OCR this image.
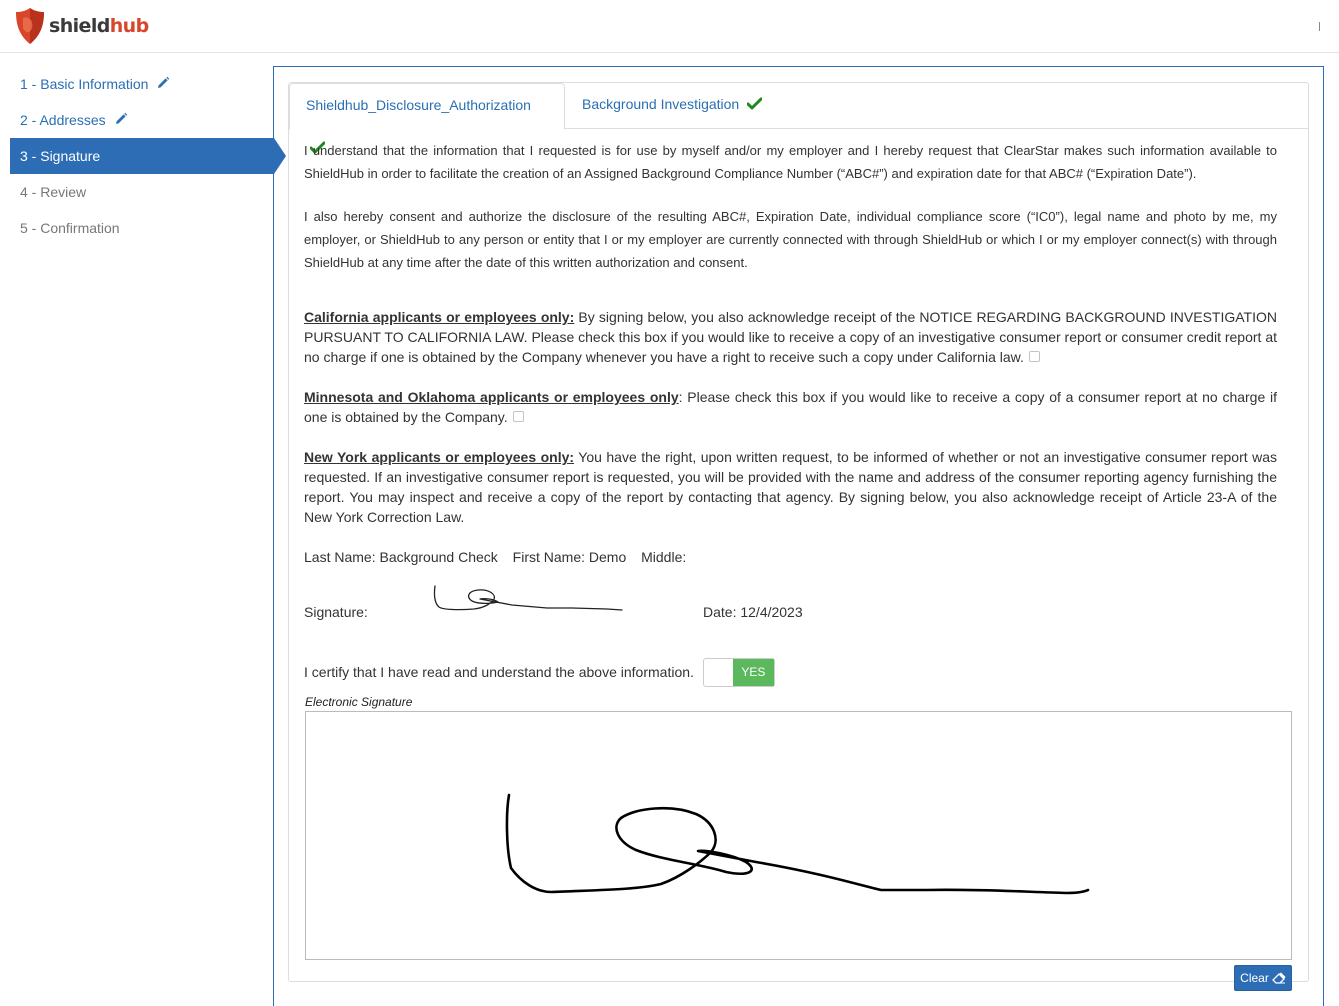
shieldhub
1 - Basic Information
2 - Addresses
3 - Signature
4 - Review
5 - Confirmation
Shieldhub_Disclosure_Authorization	Background Investigation

I understand that the information that I requested is for use by myself and/or my employer and I hereby request that ClearStar makes such information available to ShieldHub in order to facilitate the creation of an Assigned Background Compliance Number (“ABC#”) and expiration date for that ABC# (“Expiration Date”).

I also hereby consent and authorize the disclosure of the resulting ABC#, Expiration Date, individual compliance score (“IC0”), legal name and photo by me, my employer, or ShieldHub to any person or entity that I or my employer are currently connected with through ShieldHub or which I or my employer connect(s) with through ShieldHub at any time after the date of this written authorization and consent.

California applicants or employees only: By signing below, you also acknowledge receipt of the NOTICE REGARDING BACKGROUND INVESTIGATION PURSUANT TO CALIFORNIA LAW. Please check this box if you would like to receive a copy of an investigative consumer report or consumer credit report at no charge if one is obtained by the Company whenever you have a right to receive such a copy under California law.

Minnesota and Oklahoma applicants or employees only: Please check this box if you would like to receive a copy of a consumer report at no charge if one is obtained by the Company.

New York applicants or employees only: You have the right, upon written request, to be informed of whether or not an investigative consumer report was requested. If an investigative consumer report is requested, you will be provided with the name and address of the consumer reporting agency furnishing the report. You may inspect and receive a copy of the report by contacting that agency. By signing below, you also acknowledge receipt of Article 23-A of the New York Correction Law.

Last Name: Background Check First Name: Demo Middle:
Signature:	Date: 12/4/2023
I certify that I have read and understand the above information.	YES
Electronic Signature
Clear
